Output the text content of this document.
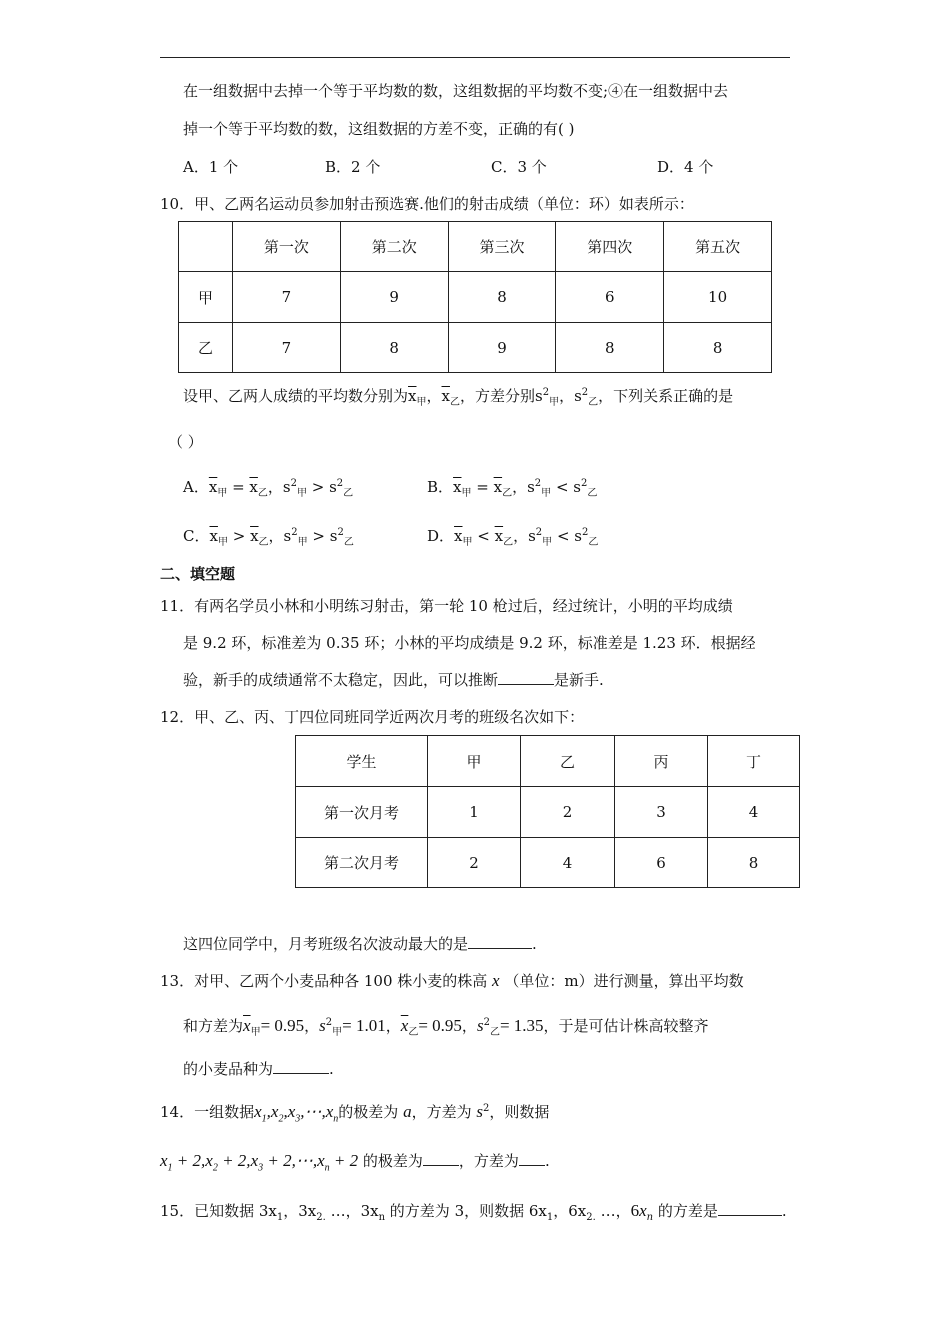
在一组数据中去掉一个等于平均数的数，这组数据的平均数不变;④在一组数据中去
掉一个等于平均数的数，这组数据的方差不变，正确的有( )
A．1 个	B．2 个	C．3 个	D．4 个
10．甲、乙两名运动员参加射击预选赛.他们的射击成绩（单位：环）如表所示：
	第一次	第二次	第三次	第四次	第五次
甲	7	9	8	6	10
乙	7	8	9	8	8
设甲、乙两人成绩的平均数分别为$\overline{x}_甲$，$\overline{x}_乙$，方差分别$s^2_甲$，$s^2_乙$，下列关系正确的是
（ ）
A．$\overline{x}_甲 = \overline{x}_乙$，$s^2_甲 > s^2_乙$	B．$\overline{x}_甲 = \overline{x}_乙$，$s^2_甲 < s^2_乙$
C．$\overline{x}_甲 > \overline{x}_乙$，$s^2_甲 > s^2_乙$	D．$\overline{x}_甲 < \overline{x}_乙$，$s^2_甲 < s^2_乙$
二、填空题
11．有两名学员小林和小明练习射击，第一轮 10 枪过后，经过统计，小明的平均成绩
是 9.2 环，标准差为 0.35 环；小林的平均成绩是 9.2 环，标准差是 1.23 环．根据经
验，新手的成绩通常不太稳定，因此，可以推断	是新手.
12．甲、乙、丙、丁四位同班同学近两次月考的班级名次如下：
学生	甲	乙	丙	丁
第一次月考	1	2	3	4
第二次月考	2	4	6	8
这四位同学中，月考班级名次波动最大的是	.
13．对甲、乙两个小麦品种各 100 株小麦的株高 x （单位：m）进行测量，算出平均数
和方差为$\overline{x}_甲= 0.95$，$s^2_甲= 1.01$，$\overline{x}_乙= 0.95$，$s^2_乙= 1.35$，于是可估计株高较整齐
的小麦品种为	.
14．一组数据$x_1,x_2,x_3,\cdots,x_n$的极差为 a，方差为 $s^2$，则数据
$x_1 + 2,x_2 + 2,x_3$ + $2,\cdots,x_n + 2$ 的极差为 ，方差为 .
15．已知数据 $3x_1$，$3x_{2.}$ …，$3x_n$ 的方差为 3，则数据 $6x_1$，$6x_{2.}$ …，$6x_n$ 的方差是	.
